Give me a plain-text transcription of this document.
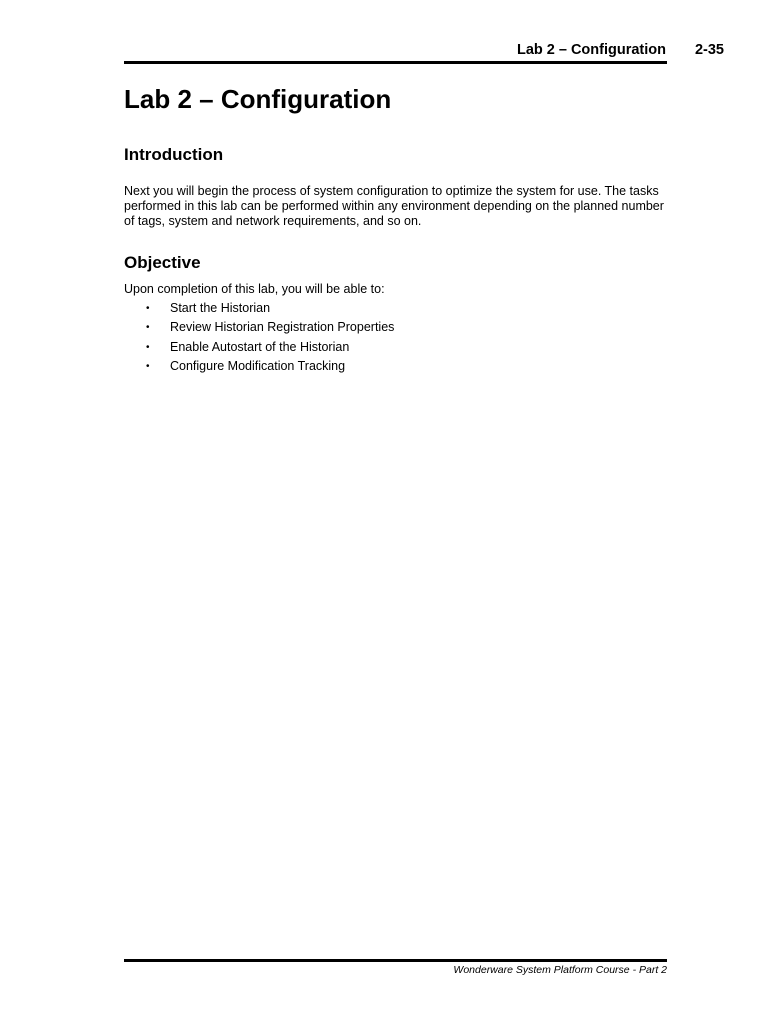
Lab 2 – Configuration 2-35
Lab 2 – Configuration
Introduction

Next you will begin the process of system configuration to optimize the system for use. The tasks
performed in this lab can be performed within any environment depending on the planned number
of tags, system and network requirements, and so on.

Objective

Upon completion of this lab, you will be able to:

• Start the Historian
• Review Historian Registration Properties
• Enable Autostart of the Historian
• Configure Modification Tracking
Wonderware System Platform Course - Part 2
